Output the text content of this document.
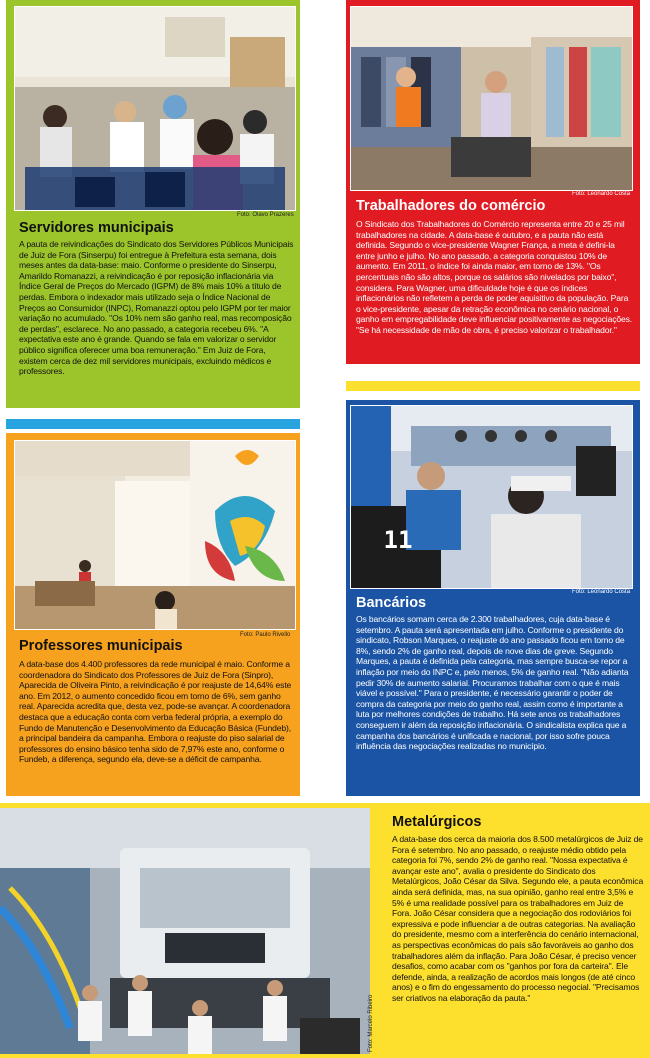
Foto: Olavo Prazeres
Servidores municipais

A pauta de reivindicações do Sindicato dos Servidores Públicos Municipais de Juiz de Fora (Sinserpu) foi entregue à Prefeitura esta semana, dois meses antes da data-base: maio. Conforme o presidente do Sinserpu, Amarildo Romanazzi, a reivindicação é por reposição inflacionária via Índice Geral de Preços do Mercado (IGPM) de 8% mais 10% a título de perdas. Embora o indexador mais utilizado seja o Índice Nacional de Preços ao Consumidor (INPC), Romanazzi optou pelo IGPM por ter maior variação no acumulado. "Os 10% nem são ganho real, mas recomposição de perdas", esclarece. No ano passado, a categoria recebeu 6%. "A expectativa este ano é grande. Quando se fala em valorizar o servidor público significa oferecer uma boa remuneração." Em Juiz de Fora, existem cerca de dez mil servidores municipais, excluindo médicos e professores.

Foto: Leonardo Costa
Trabalhadores do comércio

O Sindicato dos Trabalhadores do Comércio representa entre 20 e 25 mil trabalhadores na cidade. A data-base é outubro, e a pauta não está definida. Segundo o vice-presidente Wagner França, a meta é defini-la entre junho e julho. No ano passado, a categoria conquistou 10% de aumento. Em 2011, o índice foi ainda maior, em torno de 13%. "Os percentuais não são altos, porque os salários são nivelados por baixo", considera. Para Wagner, uma dificuldade hoje é que os índices inflacionários não refletem a perda de poder aquisitivo da população. Para o vice-presidente, apesar da retração econômica no cenário nacional, o ganho em empregabilidade deve influenciar positivamente as negociações. "Se há necessidade de mão de obra, é preciso valorizar o trabalhador."

Foto: Paulo Rivello
Professores municipais

A data-base dos 4.400 professores da rede municipal é maio. Conforme a coordenadora do Sindicato dos Professores de Juiz de Fora (Sinpro), Aparecida de Oliveira Pinto, a reivindicação é por reajuste de 14,64% este ano. Em 2012, o aumento concedido ficou em torno de 6%, sem ganho real. Aparecida acredita que, desta vez, pode-se avançar. A coordenadora destaca que a educação conta com verba federal própria, a exemplo do Fundo de Manutenção e Desenvolvimento da Educação Básica (Fundeb), a principal bandeira da campanha. Embora o reajuste do piso salarial de professores do ensino básico tenha sido de 7,97% este ano, conforme o Fundeb, a diferença, segundo ela, deve-se a déficit de campanha.

11
Foto: Leonardo Costa
Bancários

Os bancários somam cerca de 2.300 trabalhadores, cuja data-base é setembro. A pauta será apresentada em julho. Conforme o presidente do sindicato, Robson Marques, o reajuste do ano passado ficou em torno de 8%, sendo 2% de ganho real, depois de nove dias de greve. Segundo Marques, a pauta é definida pela categoria, mas sempre busca-se repor a inflação por meio do INPC e, pelo menos, 5% de ganho real. "Não adianta pedir 30% de aumento salarial. Procuramos trabalhar com o que é mais viável e possível." Para o presidente, é necessário garantir o poder de compra da categoria por meio do ganho real, assim como é importante a luta por melhores condições de trabalho. Há sete anos os trabalhadores conseguem ir além da reposição inflacionária. O sindicalista explica que a campanha dos bancários é unificada e nacional, por isso sofre pouca influência das negociações realizadas no município.

Foto: Marcelo Ribeiro
Metalúrgicos

A data-base dos cerca da maioria dos 8.500 metalúrgicos de Juiz de Fora é setembro. No ano passado, o reajuste médio obtido pela categoria foi 7%, sendo 2% de ganho real. "Nossa expectativa é avançar este ano", avalia o presidente do Sindicato dos Metalúrgicos, João César da Silva. Segundo ele, a pauta econômica ainda será definida, mas, na sua opinião, ganho real entre 3,5% e 5% é uma realidade possível para os trabalhadores em Juiz de Fora. João César considera que a negociação dos rodoviários foi expressiva e pode influenciar a de outras categorias. Na avaliação do presidente, mesmo com a interferência do cenário internacional, as perspectivas econômicas do país são favoráveis ao ganho dos trabalhadores além da inflação. Para João César, é preciso vencer desafios, como acabar com os "ganhos por fora da carteira". Ele defende, ainda, a realização de acordos mais longos (de até cinco anos) e o fim do engessamento do processo negocial. "Precisamos ser criativos na elaboração da pauta."
